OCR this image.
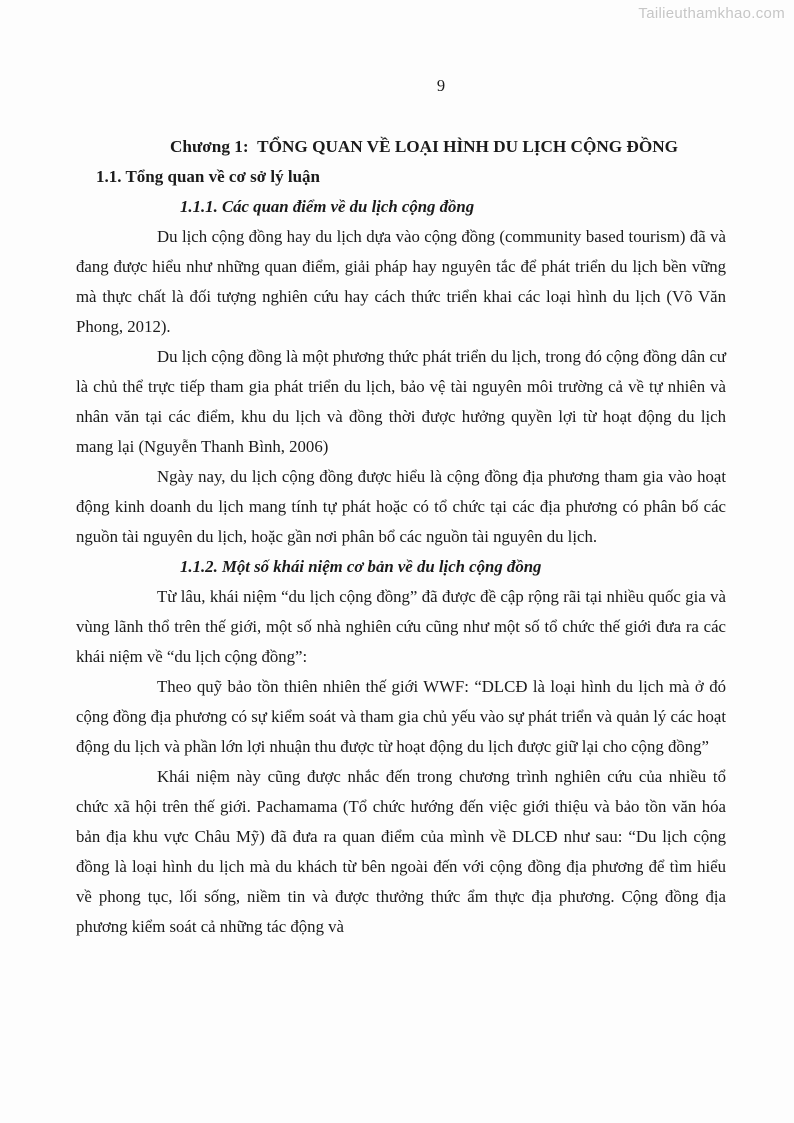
Tailieuthamkhao.com
9
Chương 1:  TỔNG QUAN VỀ LOẠI HÌNH DU LỊCH CỘNG ĐỒNG
1.1. Tổng quan về cơ sở lý luận
1.1.1. Các quan điểm về du lịch cộng đồng

Du lịch cộng đồng hay du lịch dựa vào cộng đồng (community based tourism) đã và đang được hiểu như những quan điểm, giải pháp hay nguyên tắc để phát triển du lịch bền vững mà thực chất là đối tượng nghiên cứu hay cách thức triển khai các loại hình du lịch (Võ Văn Phong, 2012).

Du lịch cộng đồng là một phương thức phát triển du lịch, trong đó cộng đồng dân cư là chủ thể trực tiếp tham gia phát triển du lịch, bảo vệ tài nguyên môi trường cả về tự nhiên và nhân văn tại các điểm, khu du lịch và đồng thời được hưởng quyền lợi từ hoạt động du lịch mang lại (Nguyễn Thanh Bình, 2006)

Ngày nay, du lịch cộng đồng được hiểu là cộng đồng địa phương tham gia vào hoạt động kinh doanh du lịch mang tính tự phát hoặc có tổ chức tại các địa phương có phân bố các nguồn tài nguyên du lịch, hoặc gần nơi phân bổ các nguồn tài nguyên du lịch.

1.1.2. Một số khái niệm cơ bản về du lịch cộng đồng

Từ lâu, khái niệm “du lịch cộng đồng” đã được đề cập rộng rãi tại nhiều quốc gia và vùng lãnh thổ trên thế giới, một số nhà nghiên cứu cũng như một số tổ chức thế giới đưa ra các khái niệm về “du lịch cộng đồng”:

Theo quỹ bảo tồn thiên nhiên thế giới WWF: “DLCĐ là loại hình du lịch mà ở đó cộng đồng địa phương có sự kiểm soát và tham gia chủ yếu vào sự phát triển và quản lý các hoạt động du lịch và phần lớn lợi nhuận thu được từ hoạt động du lịch được giữ lại cho cộng đồng”

Khái niệm này cũng được nhắc đến trong chương trình nghiên cứu của nhiều tổ chức xã hội trên thế giới. Pachamama (Tổ chức hướng đến việc giới thiệu và bảo tồn văn hóa bản địa khu vực Châu Mỹ) đã đưa ra quan điểm của mình về DLCĐ như sau: “Du lịch cộng đồng là loại hình du lịch mà du khách từ bên ngoài đến với cộng đồng địa phương để tìm hiểu về phong tục, lối sống, niềm tin và được thưởng thức ẩm thực địa phương. Cộng đồng địa phương kiểm soát cả những tác động và
